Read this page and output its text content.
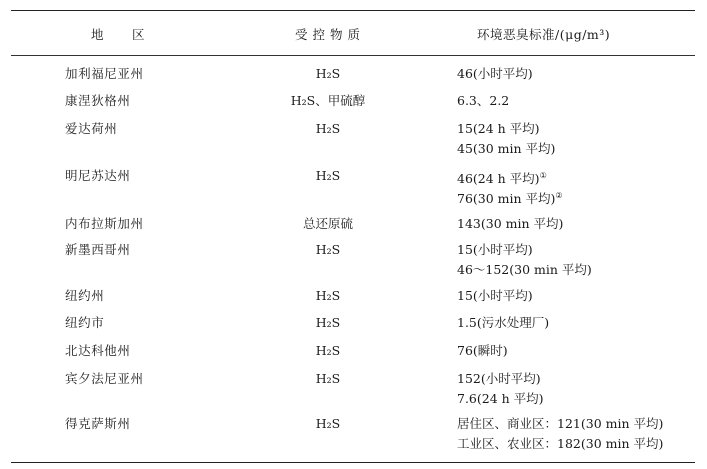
地 区	受控物质	环境恶臭标准/(μg/m³)
加利福尼亚州	H₂S	46(小时平均)
康涅狄格州	H₂S、甲硫醇	6.3、2.2
爱达荷州	H₂S	15(24 h 平均)
45(30 min 平均)
明尼苏达州	H₂S	46(24 h 平均)①
76(30 min 平均)②
内布拉斯加州	总还原硫	143(30 min 平均)
新墨西哥州	H₂S	15(小时平均)
46～152(30 min 平均)
纽约州	H₂S	15(小时平均)
纽约市	H₂S	1.5(污水处理厂)
北达科他州	H₂S	76(瞬时)
宾夕法尼亚州	H₂S	152(小时平均)
7.6(24 h 平均)
得克萨斯州	H₂S	居住区、商业区：121(30 min 平均)
工业区、农业区：182(30 min 平均)
